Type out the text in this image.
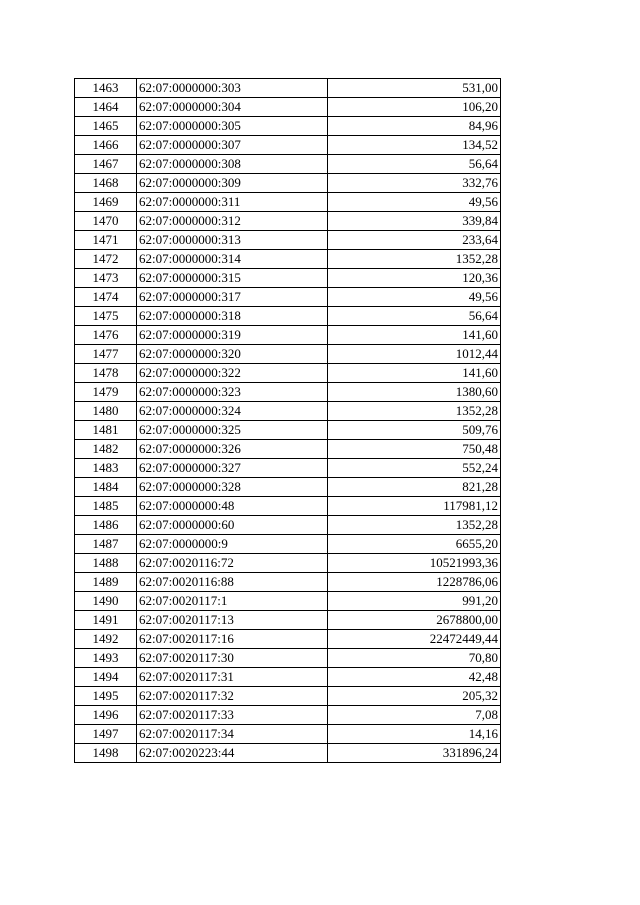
1463	62:07:0000000:303	531,00
1464	62:07:0000000:304	106,20
1465	62:07:0000000:305	84,96
1466	62:07:0000000:307	134,52
1467	62:07:0000000:308	56,64
1468	62:07:0000000:309	332,76
1469	62:07:0000000:311	49,56
1470	62:07:0000000:312	339,84
1471	62:07:0000000:313	233,64
1472	62:07:0000000:314	1352,28
1473	62:07:0000000:315	120,36
1474	62:07:0000000:317	49,56
1475	62:07:0000000:318	56,64
1476	62:07:0000000:319	141,60
1477	62:07:0000000:320	1012,44
1478	62:07:0000000:322	141,60
1479	62:07:0000000:323	1380,60
1480	62:07:0000000:324	1352,28
1481	62:07:0000000:325	509,76
1482	62:07:0000000:326	750,48
1483	62:07:0000000:327	552,24
1484	62:07:0000000:328	821,28
1485	62:07:0000000:48	117981,12
1486	62:07:0000000:60	1352,28
1487	62:07:0000000:9	6655,20
1488	62:07:0020116:72	10521993,36
1489	62:07:0020116:88	1228786,06
1490	62:07:0020117:1	991,20
1491	62:07:0020117:13	2678800,00
1492	62:07:0020117:16	22472449,44
1493	62:07:0020117:30	70,80
1494	62:07:0020117:31	42,48
1495	62:07:0020117:32	205,32
1496	62:07:0020117:33	7,08
1497	62:07:0020117:34	14,16
1498	62:07:0020223:44	331896,24
